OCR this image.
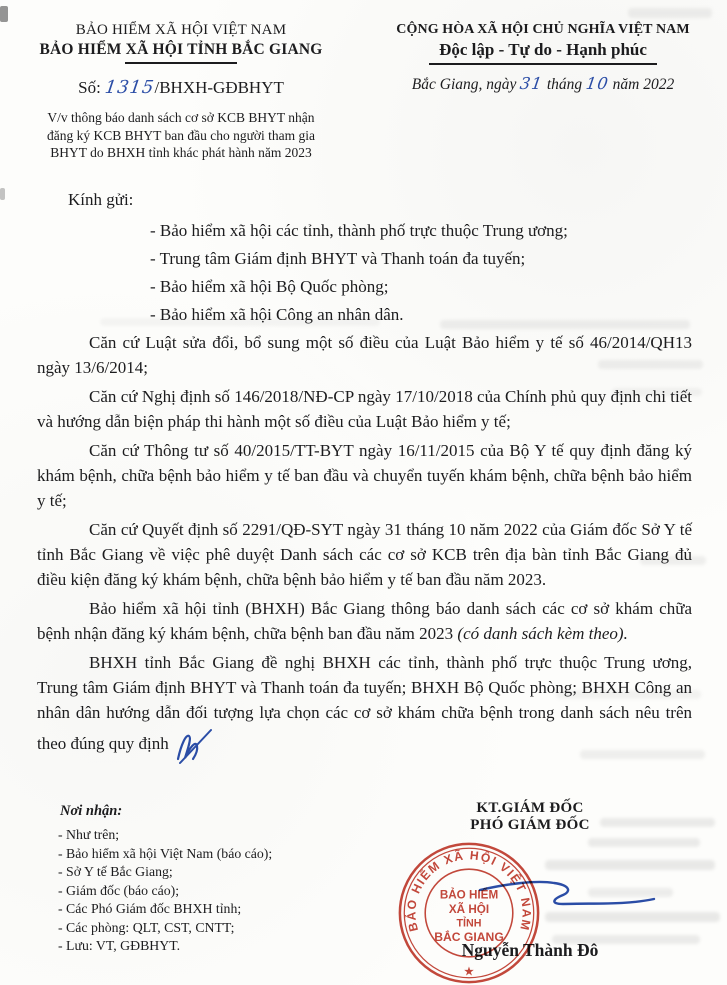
BẢO HIỂM XÃ HỘI VIỆT NAM
BẢO HIỂM XÃ HỘI TỈNH BẮC GIANG
Số: 1315/BHXH-GĐBHYT
V/v thông báo danh sách cơ sở KCB BHYT nhận
đăng ký KCB BHYT ban đầu cho người tham gia
BHYT do BHXH tỉnh khác phát hành năm 2023
CỘNG HÒA XÃ HỘI CHỦ NGHĨA VIỆT NAM
Độc lập - Tự do - Hạnh phúc
Bắc Giang, ngày 31 tháng 10 năm 2022
Kính gửi:
- Bảo hiểm xã hội các tỉnh, thành phố trực thuộc Trung ương;
- Trung tâm Giám định BHYT và Thanh toán đa tuyến;
- Bảo hiểm xã hội Bộ Quốc phòng;
- Bảo hiểm xã hội Công an nhân dân.

Căn cứ Luật sửa đổi, bổ sung một số điều của Luật Bảo hiểm y tế số 46/2014/QH13 ngày 13/6/2014;

Căn cứ Nghị định số 146/2018/NĐ-CP ngày 17/10/2018 của Chính phủ quy định chi tiết và hướng dẫn biện pháp thi hành một số điều của Luật Bảo hiểm y tế;

Căn cứ Thông tư số 40/2015/TT-BYT ngày 16/11/2015 của Bộ Y tế quy định đăng ký khám bệnh, chữa bệnh bảo hiểm y tế ban đầu và chuyển tuyến khám bệnh, chữa bệnh bảo hiểm y tế;

Căn cứ Quyết định số 2291/QĐ-SYT ngày 31 tháng 10 năm 2022 của Giám đốc Sở Y tế tỉnh Bắc Giang về việc phê duyệt Danh sách các cơ sở KCB trên địa bàn tỉnh Bắc Giang đủ điều kiện đăng ký khám bệnh, chữa bệnh bảo hiểm y tế ban đầu năm 2023.

Bảo hiểm xã hội tỉnh (BHXH) Bắc Giang thông báo danh sách các cơ sở khám chữa bệnh nhận đăng ký khám bệnh, chữa bệnh ban đầu năm 2023 (có danh sách kèm theo).

BHXH tỉnh Bắc Giang đề nghị BHXH các tỉnh, thành phố trực thuộc Trung ương, Trung tâm Giám định BHYT và Thanh toán đa tuyến; BHXH Bộ Quốc phòng; BHXH Công an nhân dân hướng dẫn đối tượng lựa chọn các cơ sở khám chữa bệnh trong danh sách nêu trên theo đúng quy định

Nơi nhận:
- Như trên;
- Bảo hiểm xã hội Việt Nam (báo cáo);
- Sở Y tế Bắc Giang;
- Giám đốc (báo cáo);
- Các Phó Giám đốc BHXH tỉnh;
- Các phòng: QLT, CST, CNTT;
- Lưu: VT, GĐBHYT.
KT.GIÁM ĐỐC
PHÓ GIÁM ĐỐC
Nguyễn Thành Đô
BẢO HIỂM XÃ HỘI VIỆT NAM
★
BẢO HIỂM
XÃ HỘI
TỈNH
BẮC GIANG
